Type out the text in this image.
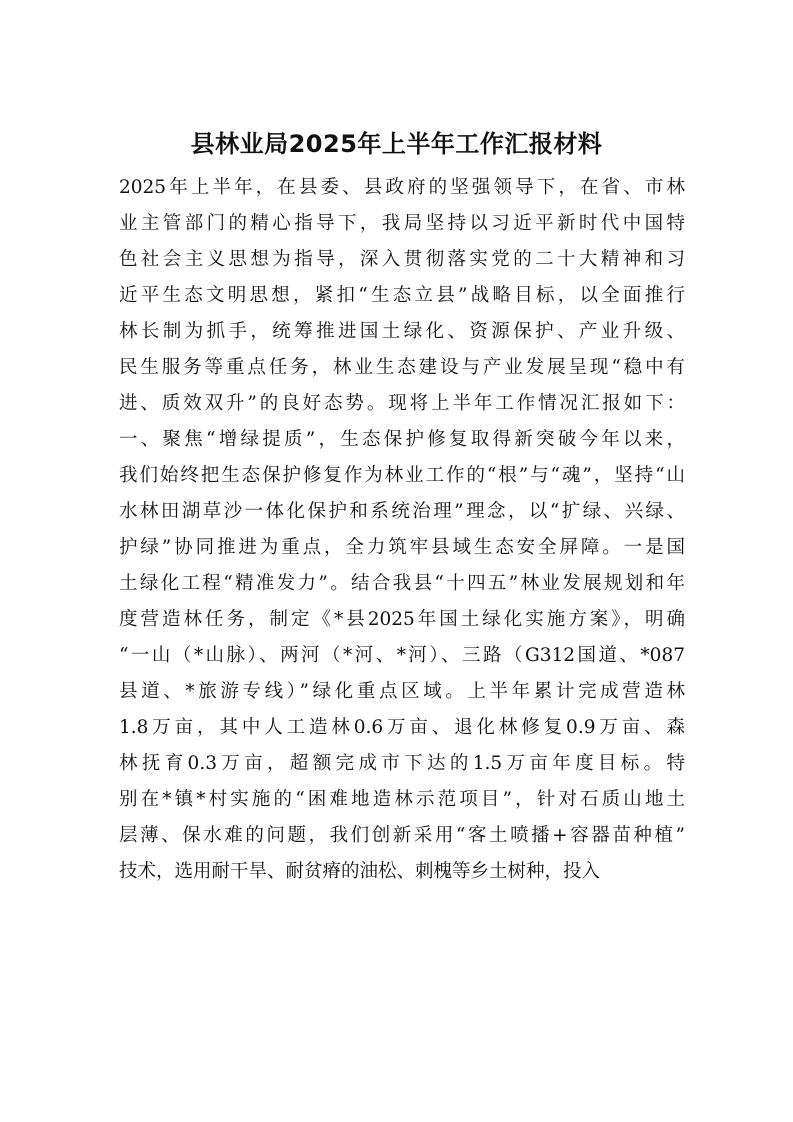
县林业局2025年上半年工作汇报材料
2025年上半年，在县委、县政府的坚强领导下，在省、市林
业主管部门的精心指导下，我局坚持以习近平新时代中国特
色社会主义思想为指导，深入贯彻落实党的二十大精神和习
近平生态文明思想，紧扣“生态立县”战略目标，以全面推行
林长制为抓手，统筹推进国土绿化、资源保护、产业升级、
民生服务等重点任务，林业生态建设与产业发展呈现“稳中有
进、质效双升”的良好态势。现将上半年工作情况汇报如下：
一、聚焦“增绿提质”，生态保护修复取得新突破今年以来，
我们始终把生态保护修复作为林业工作的“根”与“魂”，坚持“山
水林田湖草沙一体化保护和系统治理”理念，以“扩绿、兴绿、
护绿”协同推进为重点，全力筑牢县域生态安全屏障。一是国
土绿化工程“精准发力”。结合我县“十四五”林业发展规划和年
度营造林任务，制定《*县2025年国土绿化实施方案》，明确
“一山（*山脉）、两河（*河、*河）、三路（G312国道、*087
县道、*旅游专线）”绿化重点区域。上半年累计完成营造林
1.8万亩，其中人工造林0.6万亩、退化林修复0.9万亩、森
林抚育0.3万亩，超额完成市下达的1.5万亩年度目标。特
别在*镇*村实施的“困难地造林示范项目”，针对石质山地土
层薄、保水难的问题，我们创新采用“客土喷播+容器苗种植”
技术，选用耐干旱、耐贫瘠的油松、刺槐等乡土树种，投入
